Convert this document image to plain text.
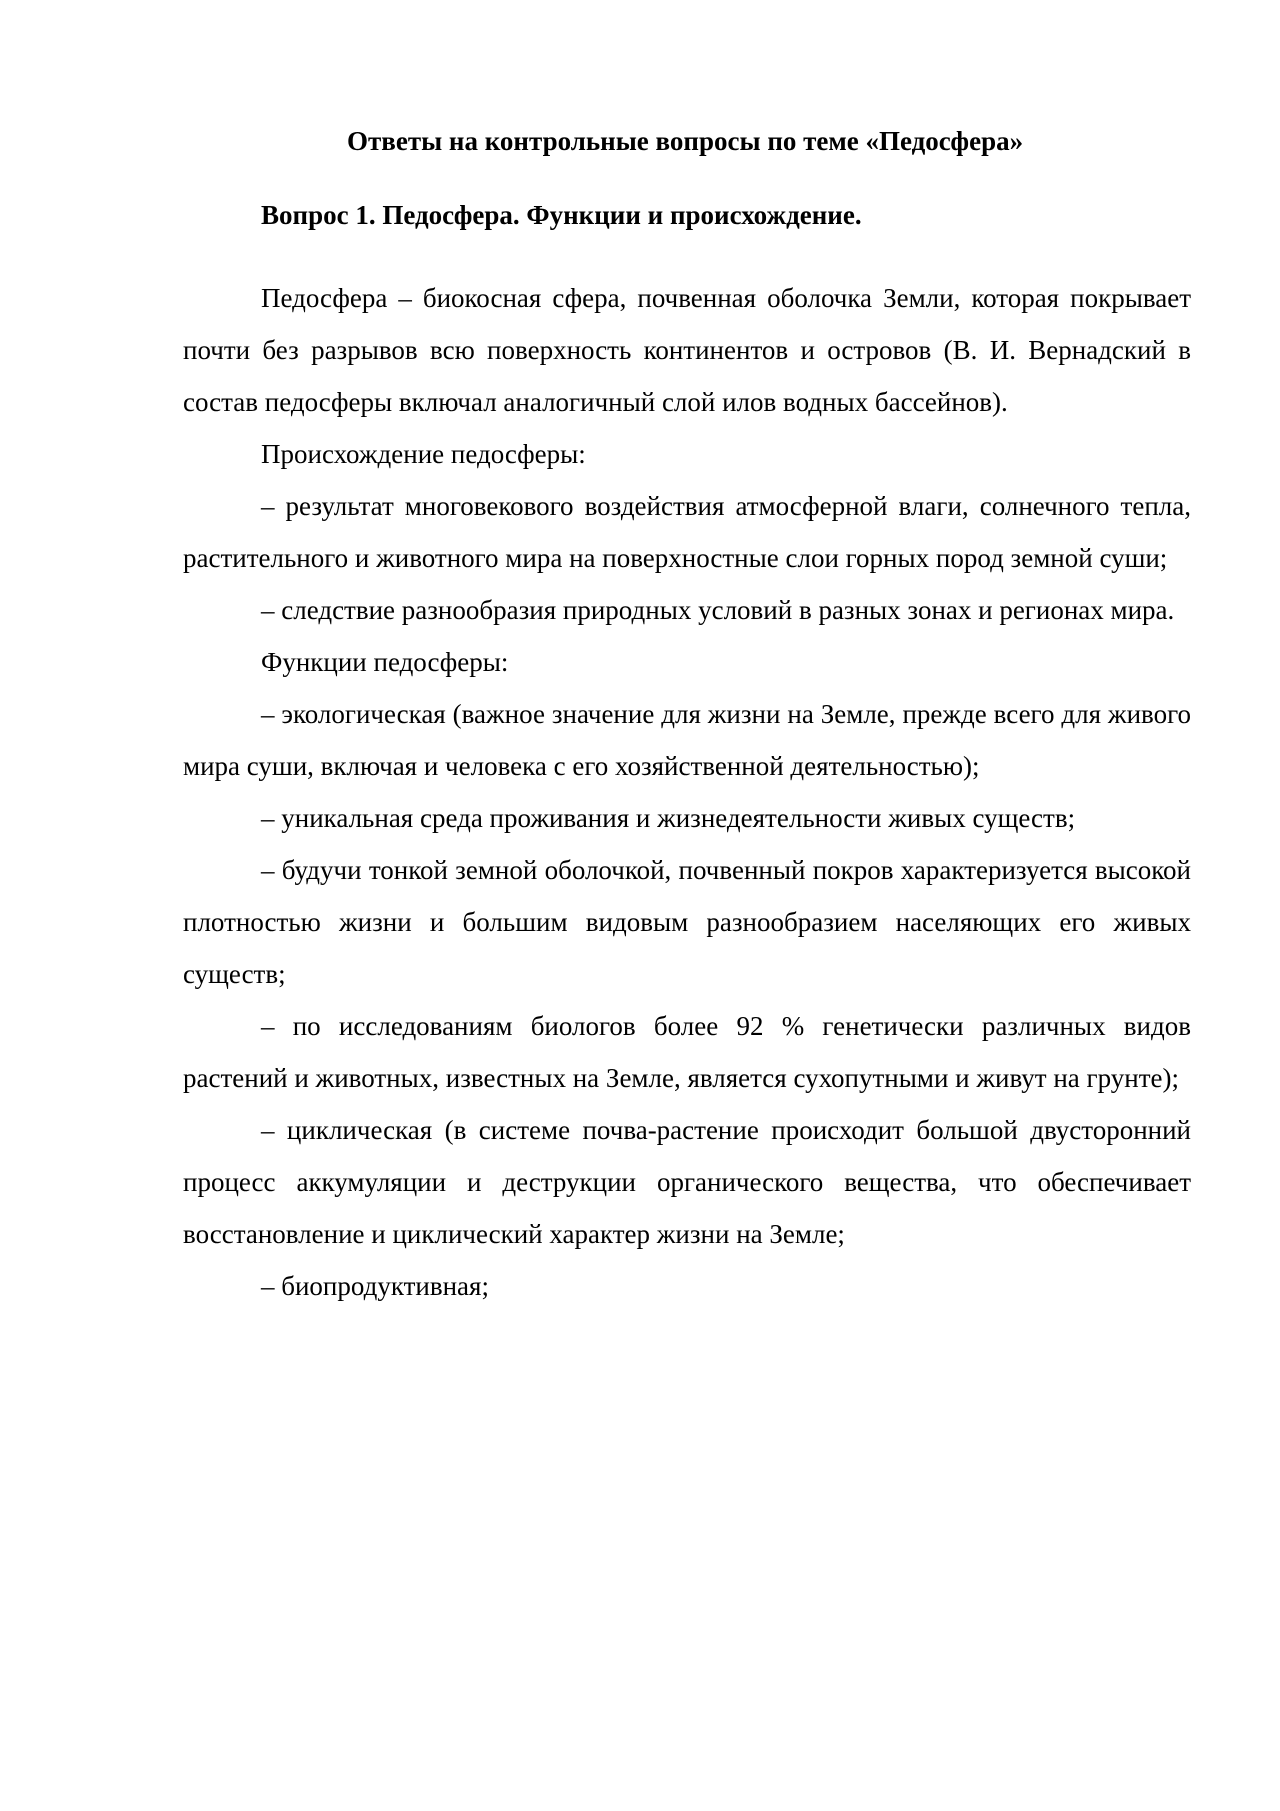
Ответы на контрольные вопросы по теме «Педосфера»
Вопрос 1. Педосфера. Функции и происхождение.

Педосфера – биокосная сфера, почвенная оболочка Земли, которая покрывает почти без разрывов всю поверхность континентов и островов (В. И. Вернадский в состав педосферы включал аналогичный слой илов водных бассейнов).

Происхождение педосферы:

– результат многовекового воздействия атмосферной влаги, солнечного тепла, растительного и животного мира на поверхностные слои горных пород земной суши;

– следствие разнообразия природных условий в разных зонах и регионах мира.

Функции педосферы:

– экологическая (важное значение для жизни на Земле, прежде всего для живого мира суши, включая и человека с его хозяйственной деятельностью);

– уникальная среда проживания и жизнедеятельности живых существ;

– будучи тонкой земной оболочкой, почвенный покров характеризуется высокой плотностью жизни и большим видовым разнообразием населяющих его живых существ;

– по исследованиям биологов более 92 % генетически различных видов растений и животных, известных на Земле, является сухопутными и живут на грунте);

– циклическая (в системе почва-растение происходит большой двусторонний процесс аккумуляции и деструкции органического вещества, что обеспечивает восстановление и циклический характер жизни на Земле;

– биопродуктивная;
